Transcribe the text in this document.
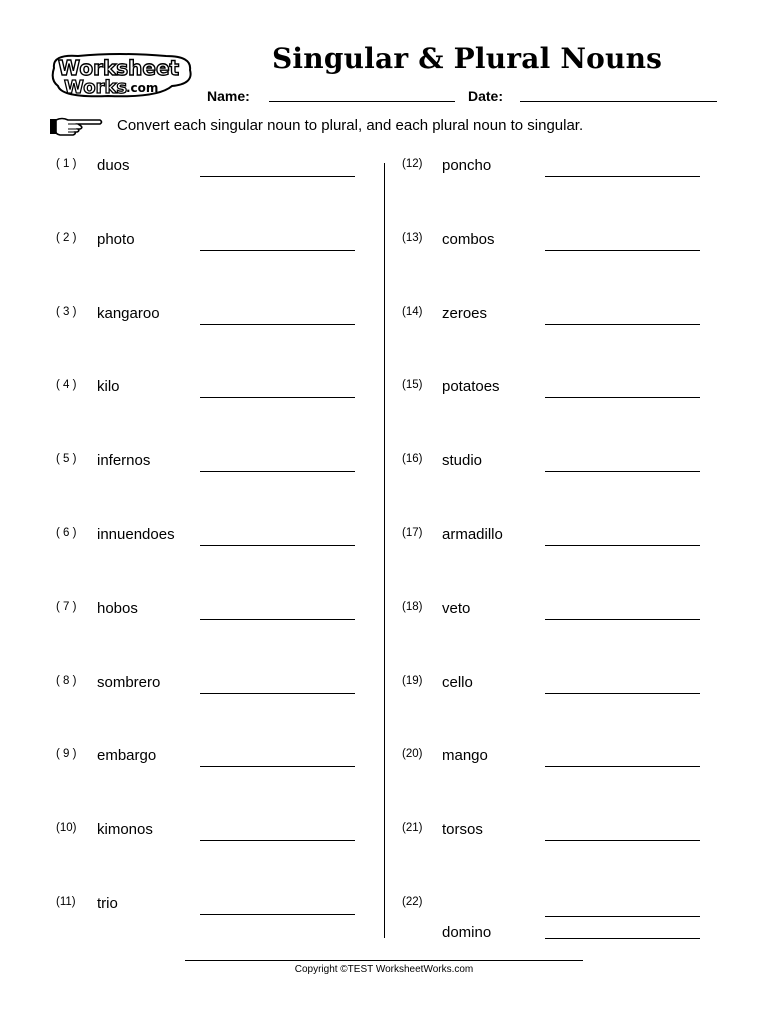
Worksheet
Works
.com
Singular & Plural Nouns
Name:	Date:
Convert each singular noun to plural, and each plural noun to singular.
( 1 ) duos
( 2 ) photo
( 3 ) kangaroo
( 4 ) kilo
( 5 ) infernos
( 6 ) innuendoes
( 7 ) hobos
( 8 ) sombrero
( 9 ) embargo
(10) kimonos
(11) trio
(12) poncho
(13) combos
(14) zeroes
(15) potatoes
(16) studio
(17) armadillo
(18) veto
(19) cello
(20) mango
(21) torsos
(22)
domino
Copyright ©TEST WorksheetWorks.com
